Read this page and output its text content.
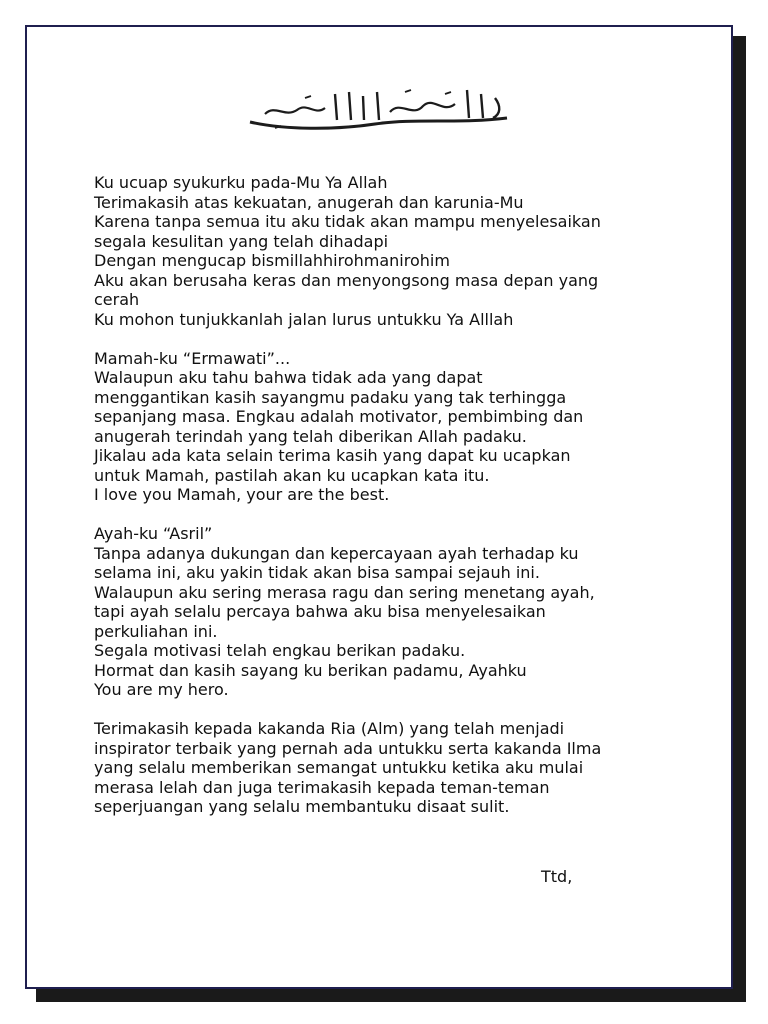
Ku ucuap syukurku pada-Mu Ya Allah
Terimakasih atas kekuatan, anugerah dan karunia-Mu
Karena tanpa semua itu aku tidak akan mampu menyelesaikan
segala kesulitan yang telah dihadapi
Dengan mengucap bismillahhirohmanirohim
Aku akan berusaha keras dan menyongsong masa depan yang
cerah
Ku mohon tunjukkanlah jalan lurus untukku Ya Alllah
Mamah-ku “Ermawati”...
Walaupun aku tahu bahwa tidak ada yang dapat
menggantikan kasih sayangmu padaku yang tak terhingga
sepanjang masa. Engkau adalah motivator, pembimbing dan
anugerah terindah yang telah diberikan Allah padaku.
Jikalau ada kata selain terima kasih yang dapat ku ucapkan
untuk Mamah, pastilah akan ku ucapkan kata itu.
I love you Mamah, your are the best.
Ayah-ku “Asril”
Tanpa adanya dukungan dan kepercayaan ayah terhadap ku
selama ini, aku yakin tidak akan bisa sampai sejauh ini.
Walaupun aku sering merasa ragu dan sering menetang ayah,
tapi ayah selalu percaya bahwa aku bisa menyelesaikan
perkuliahan ini.
Segala motivasi telah engkau berikan padaku.
Hormat dan kasih sayang ku berikan padamu, Ayahku
You are my hero.
Terimakasih kepada kakanda Ria (Alm) yang telah menjadi
inspirator terbaik yang pernah ada untukku serta kakanda Ilma
yang selalu memberikan semangat untukku ketika aku mulai
merasa lelah dan juga terimakasih kepada teman-teman
seperjuangan yang selalu membantuku disaat sulit.
Ttd,
